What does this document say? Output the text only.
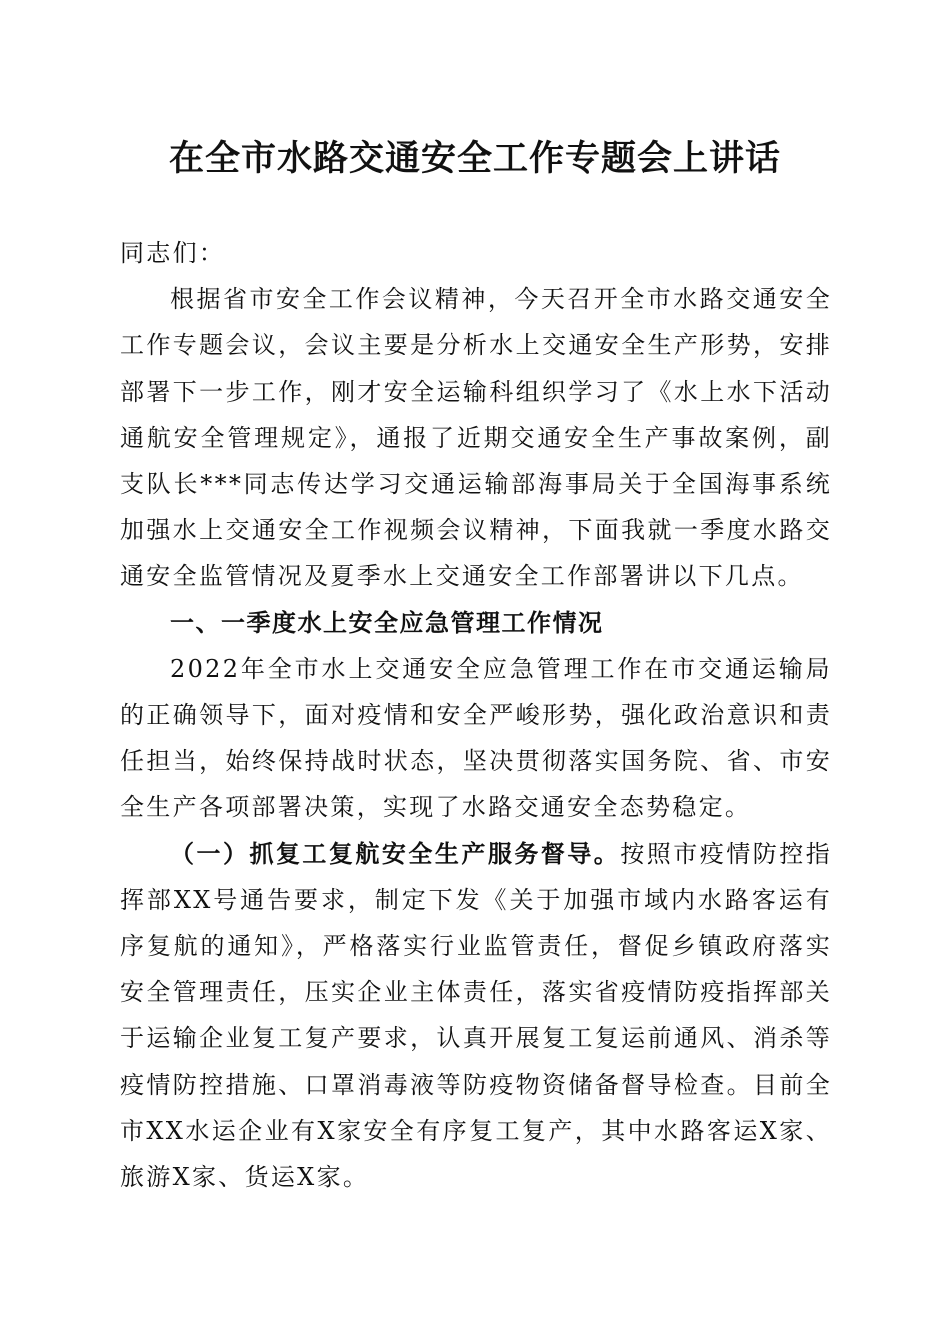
在全市水路交通安全工作专题会上讲话

同志们：

根据省市安全工作会议精神，今天召开全市水路交通安全工作专题会议，会议主要是分析水上交通安全生产形势，安排部署下一步工作，刚才安全运输科组织学习了《水上水下活动通航安全管理规定》，通报了近期交通安全生产事故案例，副支队长***同志传达学习交通运输部海事局关于全国海事系统加强水上交通安全工作视频会议精神，下面我就一季度水路交通安全监管情况及夏季水上交通安全工作部署讲以下几点。

一、一季度水上安全应急管理工作情况

2022年全市水上交通安全应急管理工作在市交通运输局的正确领导下，面对疫情和安全严峻形势，强化政治意识和责任担当，始终保持战时状态，坚决贯彻落实国务院、省、市安全生产各项部署决策，实现了水路交通安全态势稳定。

（一）抓复工复航安全生产服务督导。按照市疫情防控指挥部XX号通告要求，制定下发《关于加强市域内水路客运有序复航的通知》，严格落实行业监管责任，督促乡镇政府落实安全管理责任，压实企业主体责任，落实省疫情防疫指挥部关于运输企业复工复产要求，认真开展复工复运前通风、消杀等疫情防控措施、口罩消毒液等防疫物资储备督导检查。目前全市XX水运企业有X家安全有序复工复产，其中水路客运X家、旅游X家、货运X家。
